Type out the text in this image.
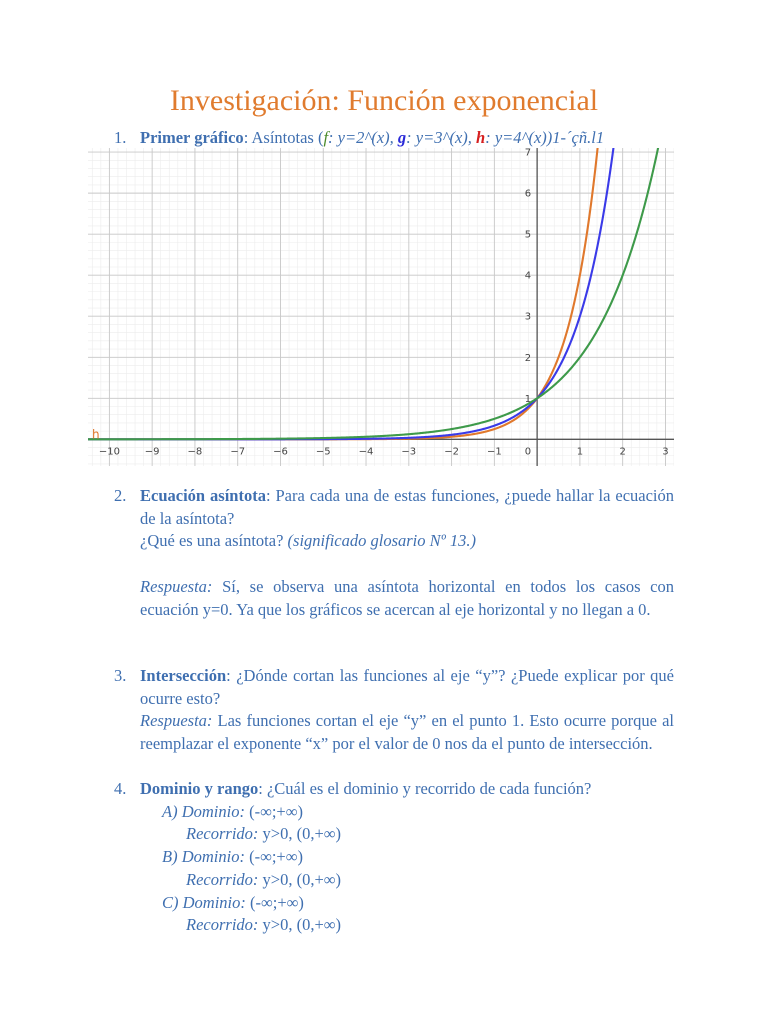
Investigación: Función exponencial
1. Primer gráfico: Asíntotas (f: y=2^(x), g: y=3^(x), h: y=4^(x))1-´çñ.l1
−10 −9	−8	−7	−6	−5	−4	−3	−2	−1	1	2	3
1
2
3
4
5
6
7
0
h
2. Ecuación asíntota: Para cada una de estas funciones, ¿puede hallar la ecuación de la asíntota?
¿Qué es una asíntota? (significado glosario Nº 13.)
Respuesta: Sí, se observa una asíntota horizontal en todos los casos con ecuación y=0. Ya que los gráficos se acercan al eje horizontal y no llegan a 0.
3. Intersección: ¿Dónde cortan las funciones al eje “y”? ¿Puede explicar por qué ocurre esto?
Respuesta: Las funciones cortan el eje “y” en el punto 1. Esto ocurre porque al reemplazar el exponente “x” por el valor de 0 nos da el punto de intersección.
4. Dominio y rango: ¿Cuál es el dominio y recorrido de cada función?
A) Dominio: (-∞;+∞)
Recorrido: y>0, (0,+∞)
B) Dominio: (-∞;+∞)
Recorrido: y>0, (0,+∞)
C) Dominio: (-∞;+∞)
Recorrido: y>0, (0,+∞)
